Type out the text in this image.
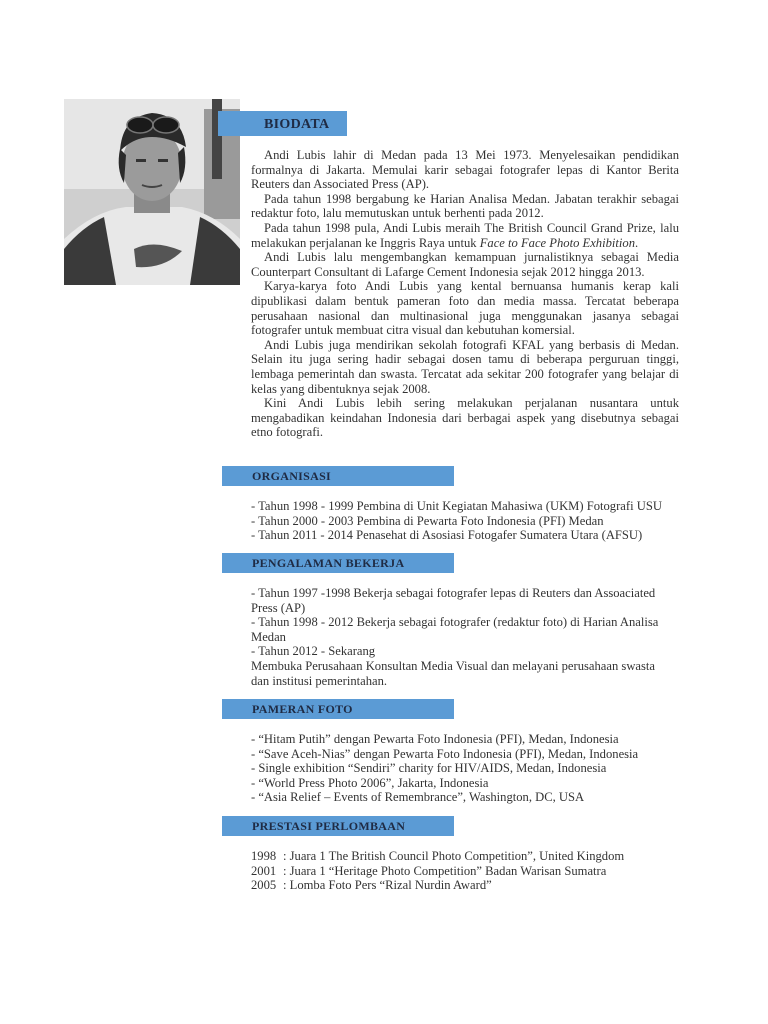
BIODATA

Andi Lubis lahir di Medan pada 13 Mei 1973. Menyelesaikan pendidikan formalnya di Jakarta. Memulai karir sebagai fotografer lepas di Kantor Berita Reuters dan Associated Press (AP).

Pada tahun 1998 bergabung ke Harian Analisa Medan. Jabatan terakhir sebagai redaktur foto, lalu memutuskan untuk berhenti pada 2012.

Pada tahun 1998 pula, Andi Lubis meraih The British Council Grand Prize, lalu melakukan perjalanan ke Inggris Raya untuk Face to Face Photo Exhibition.

Andi Lubis lalu mengembangkan kemampuan jurnalistiknya sebagai Media Counterpart Consultant di Lafarge Cement Indonesia sejak 2012 hingga 2013.

Karya-karya foto Andi Lubis yang kental bernuansa humanis kerap kali dipublikasi dalam bentuk pameran foto dan media massa. Tercatat beberapa perusahaan nasional dan multinasional juga menggunakan jasanya sebagai fotografer untuk membuat citra visual dan kebutuhan komersial.

Andi Lubis juga mendirikan sekolah fotografi KFAL yang berbasis di Medan. Selain itu juga sering hadir sebagai dosen tamu di beberapa perguruan tinggi, lembaga pemerintah dan swasta. Tercatat ada sekitar 200 fotografer yang belajar di kelas yang dibentuknya sejak 2008.

Kini Andi Lubis lebih sering melakukan perjalanan nusantara untuk mengabadikan keindahan Indonesia dari berbagai aspek yang disebutnya sebagai etno fotografi.

ORGANISASI
- Tahun 1998 - 1999 Pembina di Unit Kegiatan Mahasiwa (UKM) Fotografi USU
- Tahun 2000 - 2003 Pembina di Pewarta Foto Indonesia (PFI) Medan
- Tahun 2011 - 2014 Penasehat di Asosiasi Fotogafer Sumatera Utara (AFSU)
PENGALAMAN BEKERJA
- Tahun 1997 -1998 Bekerja sebagai fotografer lepas di Reuters dan Assoaciated Press (AP)
- Tahun 1998 - 2012 Bekerja sebagai fotografer (redaktur foto) di Harian Analisa Medan
- Tahun 2012 - Sekarang
Membuka Perusahaan Konsultan Media Visual dan melayani perusahaan swasta dan institusi pemerintahan.
PAMERAN FOTO
- “Hitam Putih” dengan Pewarta Foto Indonesia (PFI), Medan, Indonesia
- “Save Aceh-Nias” dengan Pewarta Foto Indonesia (PFI), Medan, Indonesia
- Single exhibition “Sendiri” charity for HIV/AIDS, Medan, Indonesia
- “World Press Photo 2006”, Jakarta, Indonesia
- “Asia Relief – Events of Remembrance”, Washington, DC, USA
PRESTASI PERLOMBAAN
1998 : Juara 1 The British Council Photo Competition”, United Kingdom
2001 : Juara 1 “Heritage Photo Competition” Badan Warisan Sumatra
2005 : Lomba Foto Pers “Rizal Nurdin Award”
